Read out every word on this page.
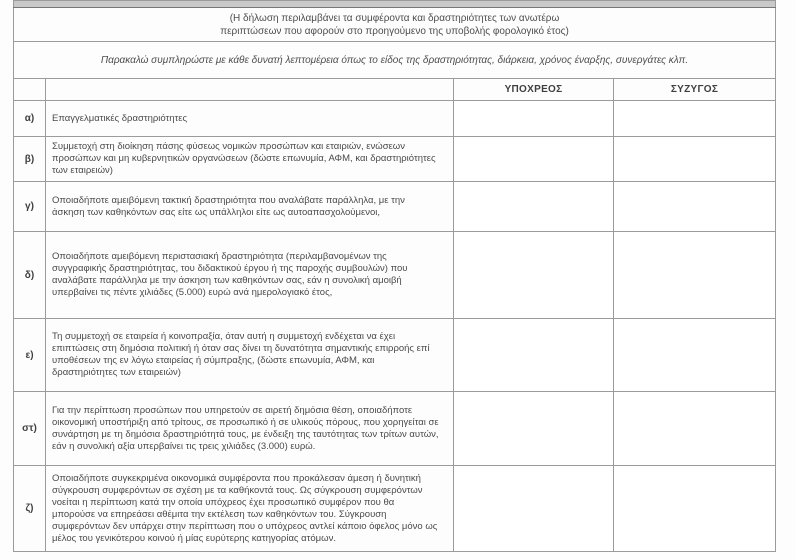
(Η δήλωση περιλαμβάνει τα συμφέροντα και δραστηριότητες των ανωτέρω
περιπτώσεων που αφορούν στο προηγούμενο της υποβολής φορολογικό έτος)			

Παρακαλώ συμπληρώστε με κάθε δυνατή λεπτομέρεια όπως το είδος της δραστηριότητας, διάρκεια, χρόνος έναρξης, συνεργάτες κλπ.			
		ΥΠΟΧΡΕΟΣ	ΣΥΖΥΓΟΣ
α)	Επαγγελματικές δραστηριότητες		
β)	Συμμετοχή στη διοίκηση πάσης φύσεως νομικών προσώπων και εταιριών, ενώσεων προσώπων και μη κυβερνητικών οργανώσεων (δώστε επωνυμία, ΑΦΜ, και δραστηριότητες των εταιρειών)		
γ)	Οποιαδήποτε αμειβόμενη τακτική δραστηριότητα που αναλάβατε παράλληλα, με την άσκηση των καθηκόντων σας είτε ως υπάλληλοι είτε ως αυτοαπασχολούμενοι,		
δ)	Οποιαδήποτε αμειβόμενη περιστασιακή δραστηριότητα (περιλαμβανομένων της συγγραφικής δραστηριότητας, του διδακτικού έργου ή της παροχής συμβουλών) που αναλάβατε παράλληλα με την άσκηση των καθηκόντων σας, εάν η συνολική αμοιβή υπερβαίνει τις πέντε χιλιάδες (5.000) ευρώ ανά ημερολογιακό έτος,		
ε)	Τη συμμετοχή σε εταιρεία ή κοινοπραξία, όταν αυτή η συμμετοχή ενδέχεται να έχει επιπτώσεις στη δημόσια πολιτική ή όταν σας δίνει τη δυνατότητα σημαντικής επιρροής επί υποθέσεων της εν λόγω εταιρείας ή σύμπραξης, (δώστε επωνυμία, ΑΦΜ, και δραστηριότητες των εταιρειών)		
στ)	Για την περίπτωση προσώπων που υπηρετούν σε αιρετή δημόσια θέση, οποιαδήποτε οικονομική υποστήριξη από τρίτους, σε προσωπικό ή σε υλικούς πόρους, που χορηγείται σε συνάρτηση με τη δημόσια δραστηριότητά τους, με ένδειξη της ταυτότητας των τρίτων αυτών, εάν η συνολική αξία υπερβαίνει τις τρεις χιλιάδες (3.000) ευρώ.		
ζ)	Οποιαδήποτε συγκεκριμένα οικονομικά συμφέροντα που προκάλεσαν άμεση ή δυνητική σύγκρουση συμφερόντων σε σχέση με τα καθήκοντά τους. Ως σύγκρουση συμφερόντων νοείται η περίπτωση κατά την οποία υπόχρεος έχει προσωπικό συμφέρον που θα μπορούσε να επηρεάσει αθέμιτα την εκτέλεση των καθηκόντων του. Σύγκρουση συμφερόντων δεν υπάρχει στην περίπτωση που ο υπόχρεος αντλεί κάποιο όφελος μόνο ως μέλος του γενικότερου κοινού ή μίας ευρύτερης κατηγορίας ατόμων.		
